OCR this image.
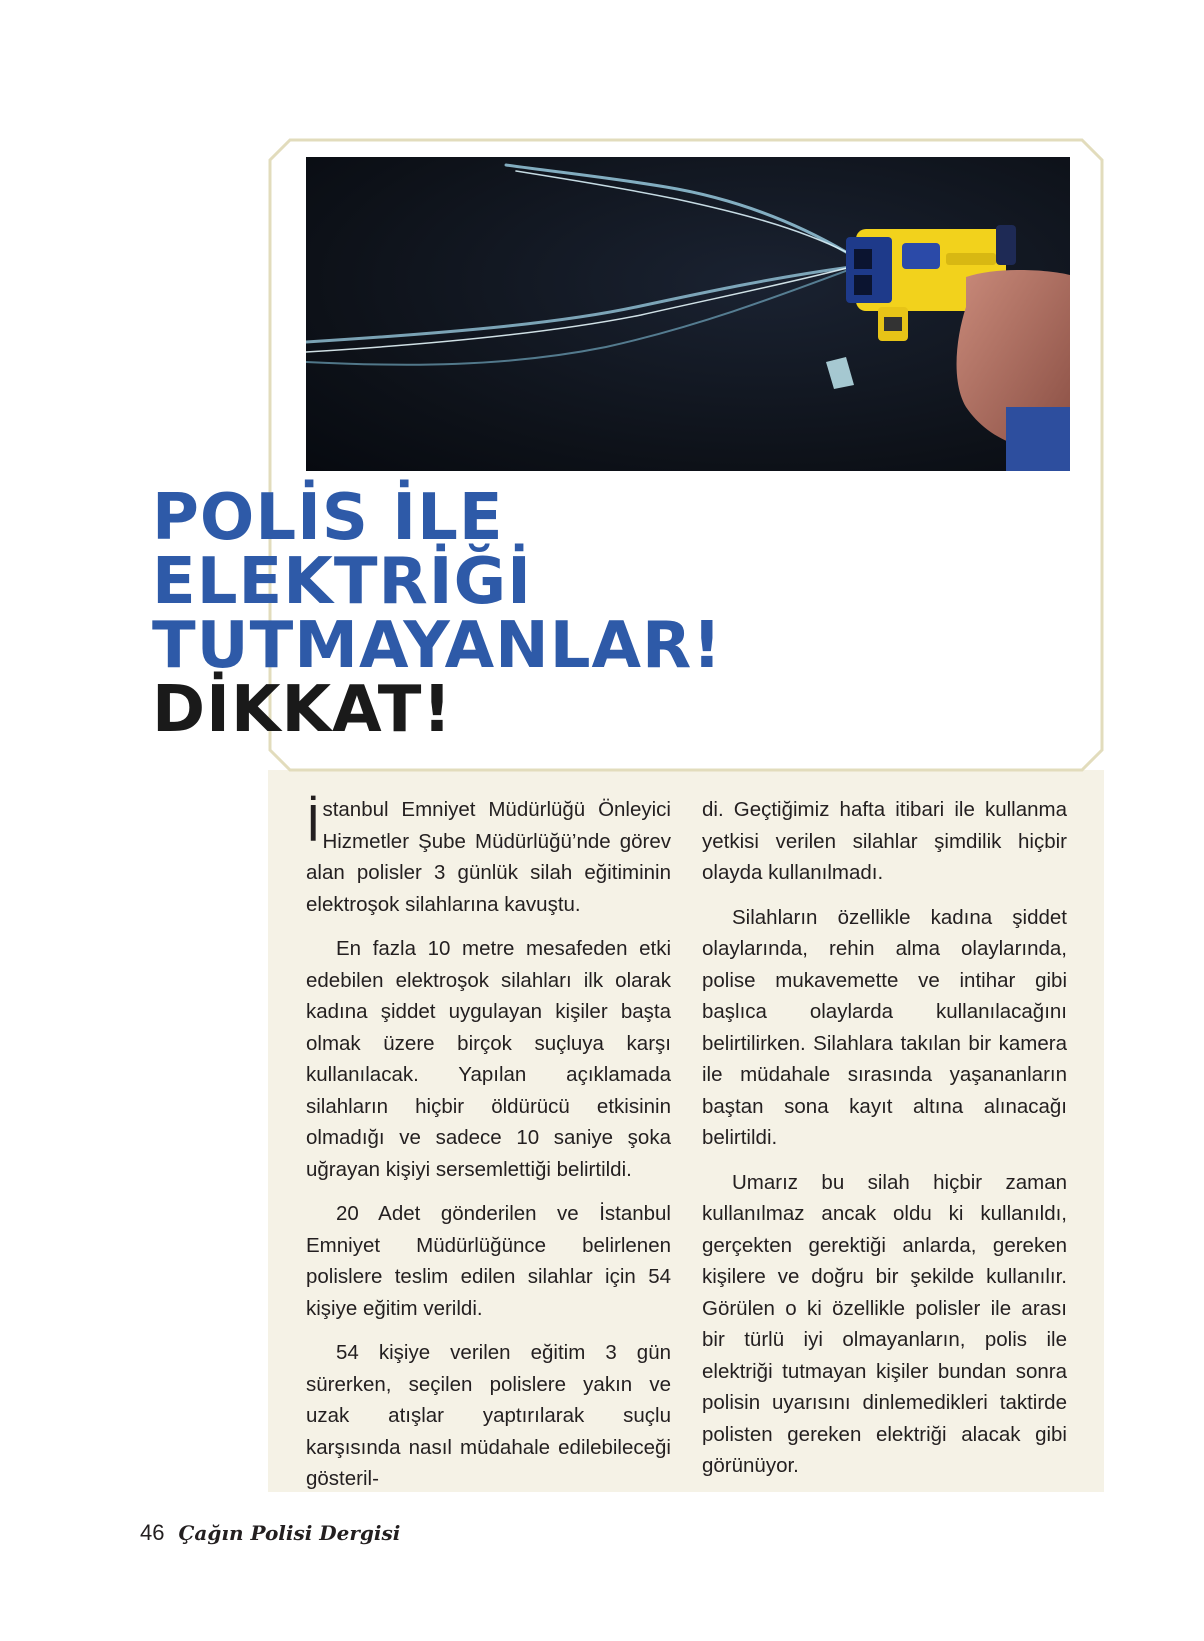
POLİS İLE
ELEKTRİĞİ
TUTMAYANLAR!
DİKKAT!

İstanbul Emniyet Müdürlüğü Önleyici Hizmetler Şube Müdürlüğü’nde görev alan polisler 3 günlük silah eğitiminin elektroşok silahlarına kavuştu.

En fazla 10 metre mesafeden etki edebilen elektroşok silahları ilk olarak kadına şiddet uygulayan kişiler başta olmak üzere birçok suçluya karşı kullanılacak. Yapılan açıklamada silahların hiçbir öldürücü etkisinin olmadığı ve sadece 10 saniye şoka uğrayan kişiyi sersemlettiği belirtildi.

20 Adet gönderilen ve İstanbul Emniyet Müdürlüğünce belirlenen polislere teslim edilen silahlar için 54 kişiye eğitim verildi.

54 kişiye verilen eğitim 3 gün sürerken, seçilen polislere yakın ve uzak atışlar yaptırılarak suçlu karşısında nasıl müdahale edilebileceği gösteril-

di. Geçtiğimiz hafta itibari ile kullanma yetkisi verilen silahlar şimdilik hiçbir olayda kullanılmadı.

Silahların özellikle kadına şiddet olaylarında, rehin alma olaylarında, polise mukavemette ve intihar gibi başlıca olaylarda kullanılacağını belirtilirken. Silahlara takılan bir kamera ile müdahale sırasında yaşananların baştan sona kayıt altına alınacağı belirtildi.

Umarız bu silah hiçbir zaman kullanılmaz ancak oldu ki kullanıldı, gerçekten gerektiği anlarda, gereken kişilere ve doğru bir şekilde kullanılır. Görülen o ki özellikle polisler ile arası bir türlü iyi olmayanların, polis ile elektriği tutmayan kişiler bundan sonra polisin uyarısını dinlemedikleri taktirde polisten gereken elektriği alacak gibi görünüyor.

46 Çağın Polisi Dergisi
